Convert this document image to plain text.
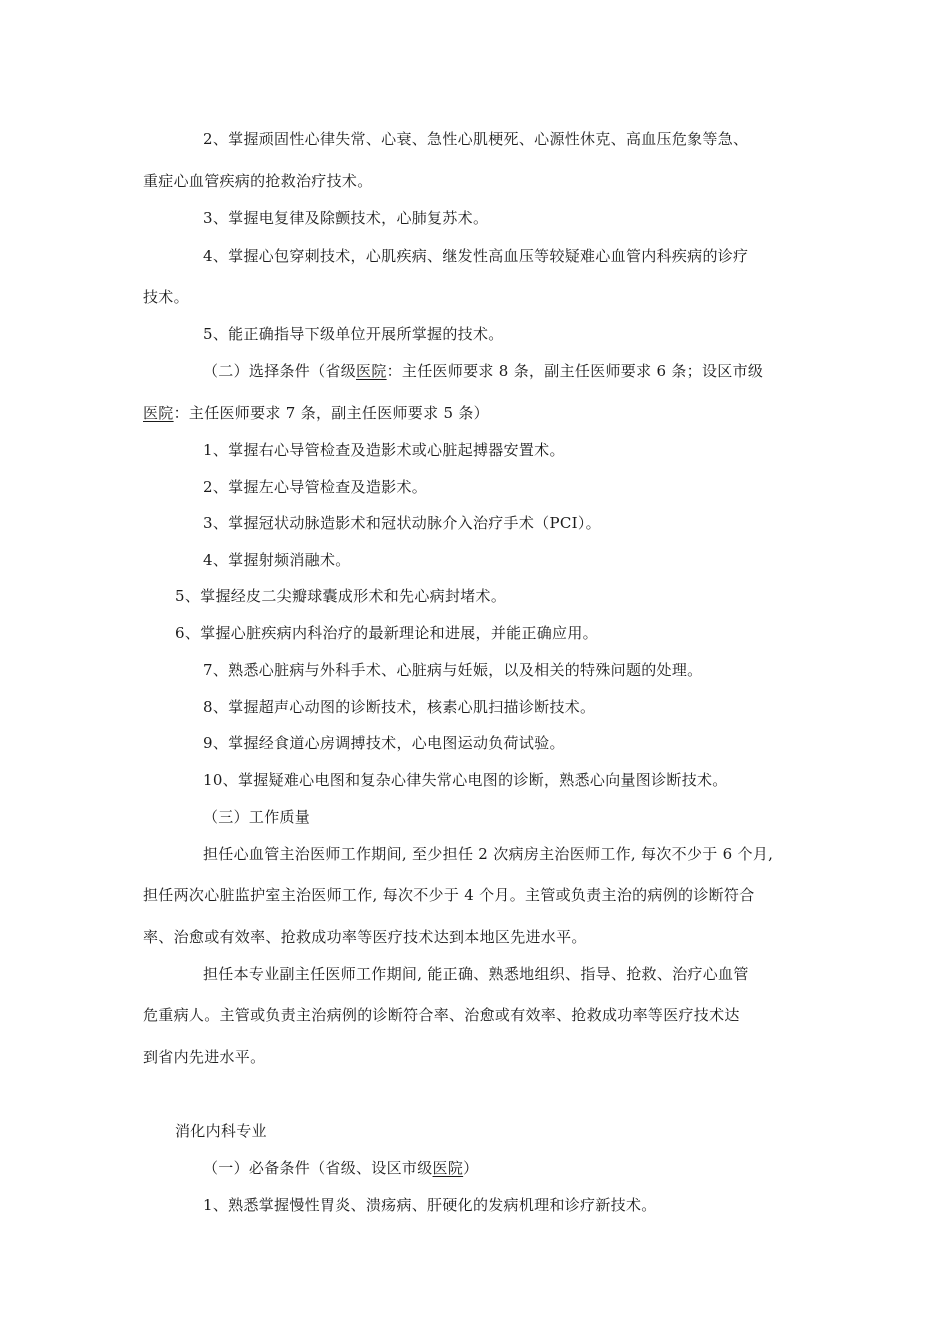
2、掌握顽固性心律失常、心衰、急性心肌梗死、心源性休克、高血压危象等急、
重症心血管疾病的抢救治疗技术。
3、掌握电复律及除颤技术，心肺复苏术。
4、掌握心包穿刺技术，心肌疾病、继发性高血压等较疑难心血管内科疾病的诊疗
技术。
5、能正确指导下级单位开展所掌握的技术。
（二）选择条件（省级医院：主任医师要求 8 条，副主任医师要求 6 条；设区市级
医院：主任医师要求 7 条，副主任医师要求 5 条）
1、掌握右心导管检查及造影术或心脏起搏器安置术。
2、掌握左心导管检查及造影术。
3、掌握冠状动脉造影术和冠状动脉介入治疗手术（PCI）。
4、掌握射频消融术。
5、掌握经皮二尖瓣球囊成形术和先心病封堵术。
6、掌握心脏疾病内科治疗的最新理论和进展，并能正确应用。
7、熟悉心脏病与外科手术、心脏病与妊娠，以及相关的特殊问题的处理。
8、掌握超声心动图的诊断技术，核素心肌扫描诊断技术。
9、掌握经食道心房调搏技术，心电图运动负荷试验。
10、掌握疑难心电图和复杂心律失常心电图的诊断，熟悉心向量图诊断技术。
（三）工作质量
担任心血管主治医师工作期间, 至少担任 2 次病房主治医师工作, 每次不少于 6 个月,
担任两次心脏监护室主治医师工作, 每次不少于 4 个月。主管或负责主治的病例的诊断符合
率、治愈或有效率、抢救成功率等医疗技术达到本地区先进水平。
担任本专业副主任医师工作期间, 能正确、熟悉地组织、指导、抢救、治疗心血管
危重病人。主管或负责主治病例的诊断符合率、治愈或有效率、抢救成功率等医疗技术达
到省内先进水平。
消化内科专业
（一）必备条件（省级、设区市级医院）
1、熟悉掌握慢性胃炎、溃疡病、肝硬化的发病机理和诊疗新技术。
